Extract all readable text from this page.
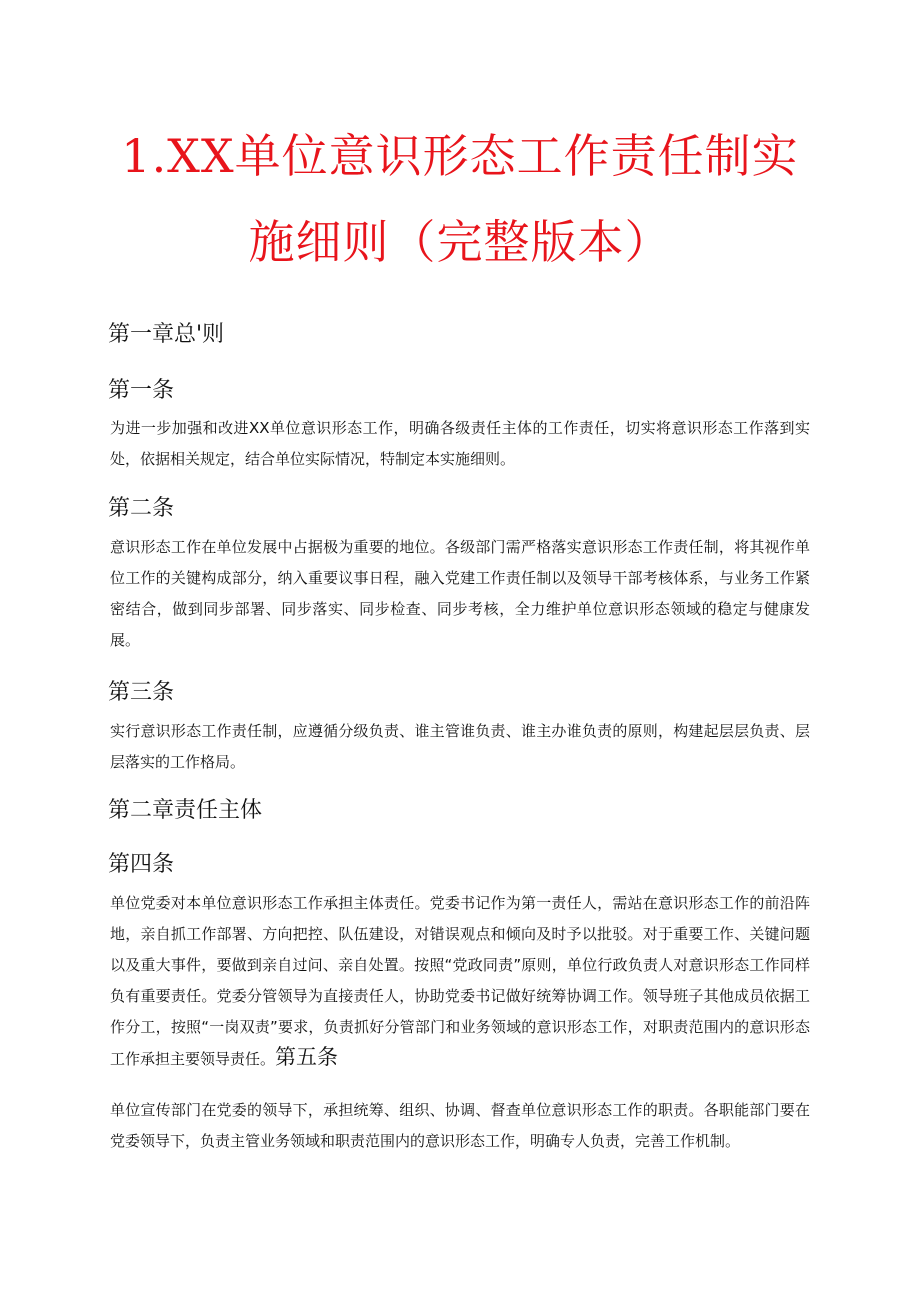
1.XX单位意识形态工作责任制实
施细则（完整版本）
第一章总'则
第一条

为进一步加强和改进XX单位意识形态工作，明确各级责任主体的工作责任，切实将意识形态工作落到实处，依据相关规定，结合单位实际情况，特制定本实施细则。

第二条

意识形态工作在单位发展中占据极为重要的地位。各级部门需严格落实意识形态工作责任制，将其视作单位工作的关键构成部分，纳入重要议事日程，融入党建工作责任制以及领导干部考核体系，与业务工作紧密结合，做到同步部署、同步落实、同步检查、同步考核，全力维护单位意识形态领域的稳定与健康发展。

第三条

实行意识形态工作责任制，应遵循分级负责、谁主管谁负责、谁主办谁负责的原则，构建起层层负责、层层落实的工作格局。

第二章责任主体
第四条

单位党委对本单位意识形态工作承担主体责任。党委书记作为第一责任人，需站在意识形态工作的前沿阵地，亲自抓工作部署、方向把控、队伍建设，对错误观点和倾向及时予以批驳。对于重要工作、关键问题以及重大事件，要做到亲自过问、亲自处置。按照“党政同责”原则，单位行政负责人对意识形态工作同样负有重要责任。党委分管领导为直接责任人，协助党委书记做好统筹协调工作。领导班子其他成员依据工作分工，按照“一岗双责”要求，负责抓好分管部门和业务领域的意识形态工作，对职责范围内的意识形态工作承担主要领导责任。第五条

单位宣传部门在党委的领导下，承担统筹、组织、协调、督查单位意识形态工作的职责。各职能部门要在党委领导下，负责主管业务领域和职责范围内的意识形态工作，明确专人负责，完善工作机制。
